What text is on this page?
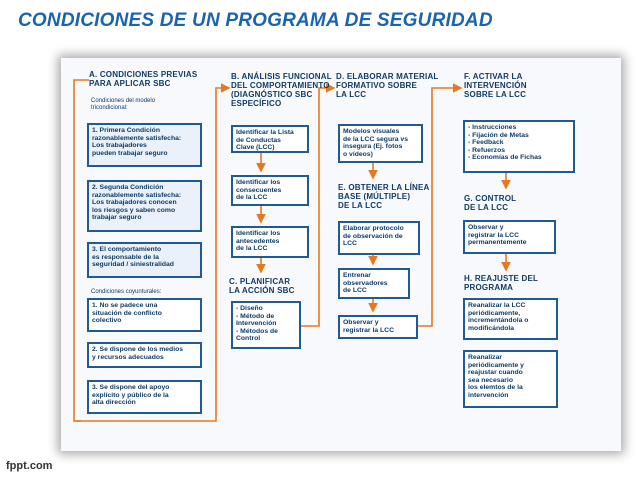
CONDICIONES DE UN PROGRAMA DE SEGURIDAD
A. CONDICIONES PREVIAS
PARA APLICAR SBC
Condiciones del modelo
tricondicional:
1. Primera Condición
razonablemente satisfecha:
Los trabajadores
pueden trabajar seguro
2. Segunda Condición
razonablemente satisfecha:
Los trabajadores conocen
los riesgos y saben como
trabajar seguro
3. El comportamiento
es responsable de la
seguridad / siniestralidad
Condiciones coyunturales:
1. No se padece una
situación de conflicto
colectivo
2. Se dispone de los medios
y recursos adecuados
3. Se dispone del apoyo
explícito y público de la
alta dirección
B. ANÁLISIS FUNCIONAL
DEL COMPORTAMIENTO
(DIAGNÓSTICO SBC
ESPECÍFICO
Identificar la Lista
de Conductas
Clave (LCC)
Identificar los
consecuentes
de la LCC
Identificar los
antecedentes
de la LCC
C. PLANIFICAR
LA ACCIÓN SBC
- Diseño
- Método de
Intervención
- Métodos de
Control
D. ELABORAR MATERIAL
FORMATIVO SOBRE
LA LCC
Modelos visuales
de la LCC segura vs
insegura (Ej. fotos
o vídeos)
E. OBTENER LA LÍNEA
BASE (MÚLTIPLE)
DE LA LCC
Elaborar protocolo
de observación de
LCC
Entrenar
observadores
de LCC
Observar y
registrar la LCC
F. ACTIVAR LA
INTERVENCIÓN
SOBRE LA LCC
- Instrucciones
- Fijación de Metas
- Feedback
- Refuerzos
- Economías de Fichas
G. CONTROL
DE LA LCC
Observar y
registrar la LCC
permanentemente
H. REAJUSTE DEL
PROGRAMA
Reanalizar la LCC
periódicamente,
incrementándola o
modificándola
Reanalizar
periódicamente y
reajustar cuando
sea necesario
los elemtos de la
intervención
fppt.com
